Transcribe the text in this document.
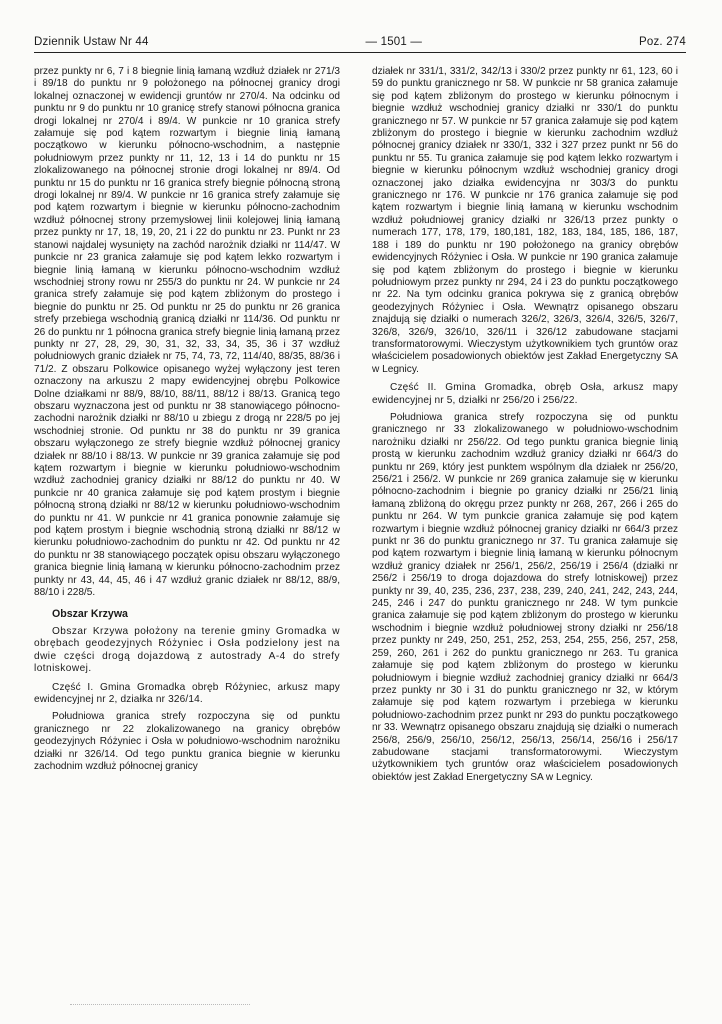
Dziennik Ustaw Nr 44	— 1501 —	Poz. 274

przez punkty nr 6, 7 i 8 biegnie linią łamaną wzdłuż działek nr 271/3 i 89/18 do punktu nr 9 położonego na północnej granicy drogi lokalnej oznaczonej w ewidencji gruntów nr 270/4. Na odcinku od punktu nr 9 do punktu nr 10 granicę strefy stanowi północna granica drogi lokalnej nr 270/4 i 89/4. W punkcie nr 10 granica strefy załamuje się pod kątem rozwartym i biegnie linią łamaną początkowo w kierunku północno-wschodnim, a następnie południowym przez punkty nr 11, 12, 13 i 14 do punktu nr 15 zlokalizowanego na północnej stronie drogi lokalnej nr 89/4. Od punktu nr 15 do punktu nr 16 granica strefy biegnie północną stroną drogi lokalnej nr 89/4. W punkcie nr 16 granica strefy załamuje się pod kątem rozwartym i biegnie w kierunku północno-zachodnim wzdłuż północnej strony przemysłowej linii kolejowej linią łamaną przez punkty nr 17, 18, 19, 20, 21 i 22 do punktu nr 23. Punkt nr 23 stanowi najdalej wysunięty na zachód narożnik działki nr 114/47. W punkcie nr 23 granica załamuje się pod kątem lekko rozwartym i biegnie linią łamaną w kierunku północno-wschodnim wzdłuż wschodniej strony rowu nr 255/3 do punktu nr 24. W punkcie nr 24 granica strefy załamuje się pod kątem zbliżonym do prostego i biegnie do punktu nr 25. Od punktu nr 25 do punktu nr 26 granica strefy przebiega wschodnią granicą działki nr 114/36. Od punktu nr 26 do punktu nr 1 północna granica strefy biegnie linią łamaną przez punkty nr 27, 28, 29, 30, 31, 32, 33, 34, 35, 36 i 37 wzdłuż południowych granic działek nr 75, 74, 73, 72, 114/40, 88/35, 88/36 i 71/2. Z obszaru Polkowice opisanego wyżej wyłączony jest teren oznaczony na arkuszu 2 mapy ewidencyjnej obrębu Polkowice Dolne działkami nr 88/9, 88/10, 88/11, 88/12 i 88/13. Granicą tego obszaru wyznaczona jest od punktu nr 38 stanowiącego północno-zachodni narożnik działki nr 88/10 u zbiegu z drogą nr 228/5 po jej wschodniej stronie. Od punktu nr 38 do punktu nr 39 granica obszaru wyłączonego ze strefy biegnie wzdłuż północnej granicy działek nr 88/10 i 88/13. W punkcie nr 39 granica załamuje się pod kątem rozwartym i biegnie w kierunku południowo-wschodnim wzdłuż zachodniej granicy działki nr 88/12 do punktu nr 40. W punkcie nr 40 granica załamuje się pod kątem prostym i biegnie północną stroną działki nr 88/12 w kierunku południowo-wschodnim do punktu nr 41. W punkcie nr 41 granica ponownie załamuje się pod kątem prostym i biegnie wschodnią stroną działki nr 88/12 w kierunku południowo-zachodnim do punktu nr 42. Od punktu nr 42 do punktu nr 38 stanowiącego początek opisu obszaru wyłączonego granica biegnie linią łamaną w kierunku północno-zachodnim przez punkty nr 43, 44, 45, 46 i 47 wzdłuż granic działek nr 88/12, 88/9, 88/10 i 228/5.

Obszar Krzywa

Obszar Krzywa położony na terenie gminy Gromadka w obrębach geodezyjnych Różyniec i Osła podzielony jest na dwie części drogą dojazdową z autostrady A-4 do strefy lotniskowej.

Część I. Gmina Gromadka obręb Różyniec, arkusz mapy ewidencyjnej nr 2, działka nr 326/14.

Południowa granica strefy rozpoczyna się od punktu granicznego nr 22 zlokalizowanego na granicy obrębów geodezyjnych Różyniec i Osła w południowo-wschodnim narożniku działki nr 326/14. Od tego punktu granica biegnie w kierunku zachodnim wzdłuż północnej granicy

działek nr 331/1, 331/2, 342/13 i 330/2 przez punkty nr 61, 123, 60 i 59 do punktu granicznego nr 58. W punkcie nr 58 granica załamuje się pod kątem zbliżonym do prostego w kierunku północnym i biegnie wzdłuż wschodniej granicy działki nr 330/1 do punktu granicznego nr 57. W punkcie nr 57 granica załamuje się pod kątem zbliżonym do prostego i biegnie w kierunku zachodnim wzdłuż północnej granicy działek nr 330/1, 332 i 327 przez punkt nr 56 do punktu nr 55. Tu granica załamuje się pod kątem lekko rozwartym i biegnie w kierunku północnym wzdłuż wschodniej granicy drogi oznaczonej jako działka ewidencyjna nr 303/3 do punktu granicznego nr 176. W punkcie nr 176 granica załamuje się pod kątem rozwartym i biegnie linią łamaną w kierunku wschodnim wzdłuż południowej granicy działki nr 326/13 przez punkty o numerach 177, 178, 179, 180,181, 182, 183, 184, 185, 186, 187, 188 i 189 do punktu nr 190 położonego na granicy obrębów ewidencyjnych Różyniec i Osła. W punkcie nr 190 granica załamuje się pod kątem zbliżonym do prostego i biegnie w kierunku południowym przez punkty nr 294, 24 i 23 do punktu początkowego nr 22. Na tym odcinku granica pokrywa się z granicą obrębów geodezyjnych Różyniec i Osła. Wewnątrz opisanego obszaru znajdują się działki o numerach 326/2, 326/3, 326/4, 326/5, 326/7, 326/8, 326/9, 326/10, 326/11 i 326/12 zabudowane stacjami transformatorowymi. Wieczystym użytkownikiem tych gruntów oraz właścicielem posadowionych obiektów jest Zakład Energetyczny SA w Legnicy.

Część II. Gmina Gromadka, obręb Osła, arkusz mapy ewidencyjnej nr 5, działki nr 256/20 i 256/22.

Południowa granica strefy rozpoczyna się od punktu granicznego nr 33 zlokalizowanego w południowo-wschodnim narożniku działki nr 256/22. Od tego punktu granica biegnie linią prostą w kierunku zachodnim wzdłuż granicy działki nr 664/3 do punktu nr 269, który jest punktem wspólnym dla działek nr 256/20, 256/21 i 256/2. W punkcie nr 269 granica załamuje się w kierunku północno-zachodnim i biegnie po granicy działki nr 256/21 linią łamaną zbliżoną do okręgu przez punkty nr 268, 267, 266 i 265 do punktu nr 264. W tym punkcie granica załamuje się pod kątem rozwartym i biegnie wzdłuż północnej granicy działki nr 664/3 przez punkt nr 36 do punktu granicznego nr 37. Tu granica załamuje się pod kątem rozwartym i biegnie linią łamaną w kierunku północnym wzdłuż granicy działek nr 256/1, 256/2, 256/19 i 256/4 (działki nr 256/2 i 256/19 to droga dojazdowa do strefy lotniskowej) przez punkty nr 39, 40, 235, 236, 237, 238, 239, 240, 241, 242, 243, 244, 245, 246 i 247 do punktu granicznego nr 248. W tym punkcie granica załamuje się pod kątem zbliżonym do prostego w kierunku wschodnim i biegnie wzdłuż południowej strony działki nr 256/18 przez punkty nr 249, 250, 251, 252, 253, 254, 255, 256, 257, 258, 259, 260, 261 i 262 do punktu granicznego nr 263. Tu granica załamuje się pod kątem zbliżonym do prostego w kierunku południowym i biegnie wzdłuż zachodniej granicy działki nr 664/3 przez punkty nr 30 i 31 do punktu granicznego nr 32, w którym załamuje się pod kątem rozwartym i przebiega w kierunku południowo-zachodnim przez punkt nr 293 do punktu początkowego nr 33. Wewnątrz opisanego obszaru znajdują się działki o numerach 256/8, 256/9, 256/10, 256/12, 256/13, 256/14, 256/16 i 256/17 zabudowane stacjami transformatorowymi. Wieczystym użytkownikiem tych gruntów oraz właścicielem posadowionych obiektów jest Zakład Energetyczny SA w Legnicy.
